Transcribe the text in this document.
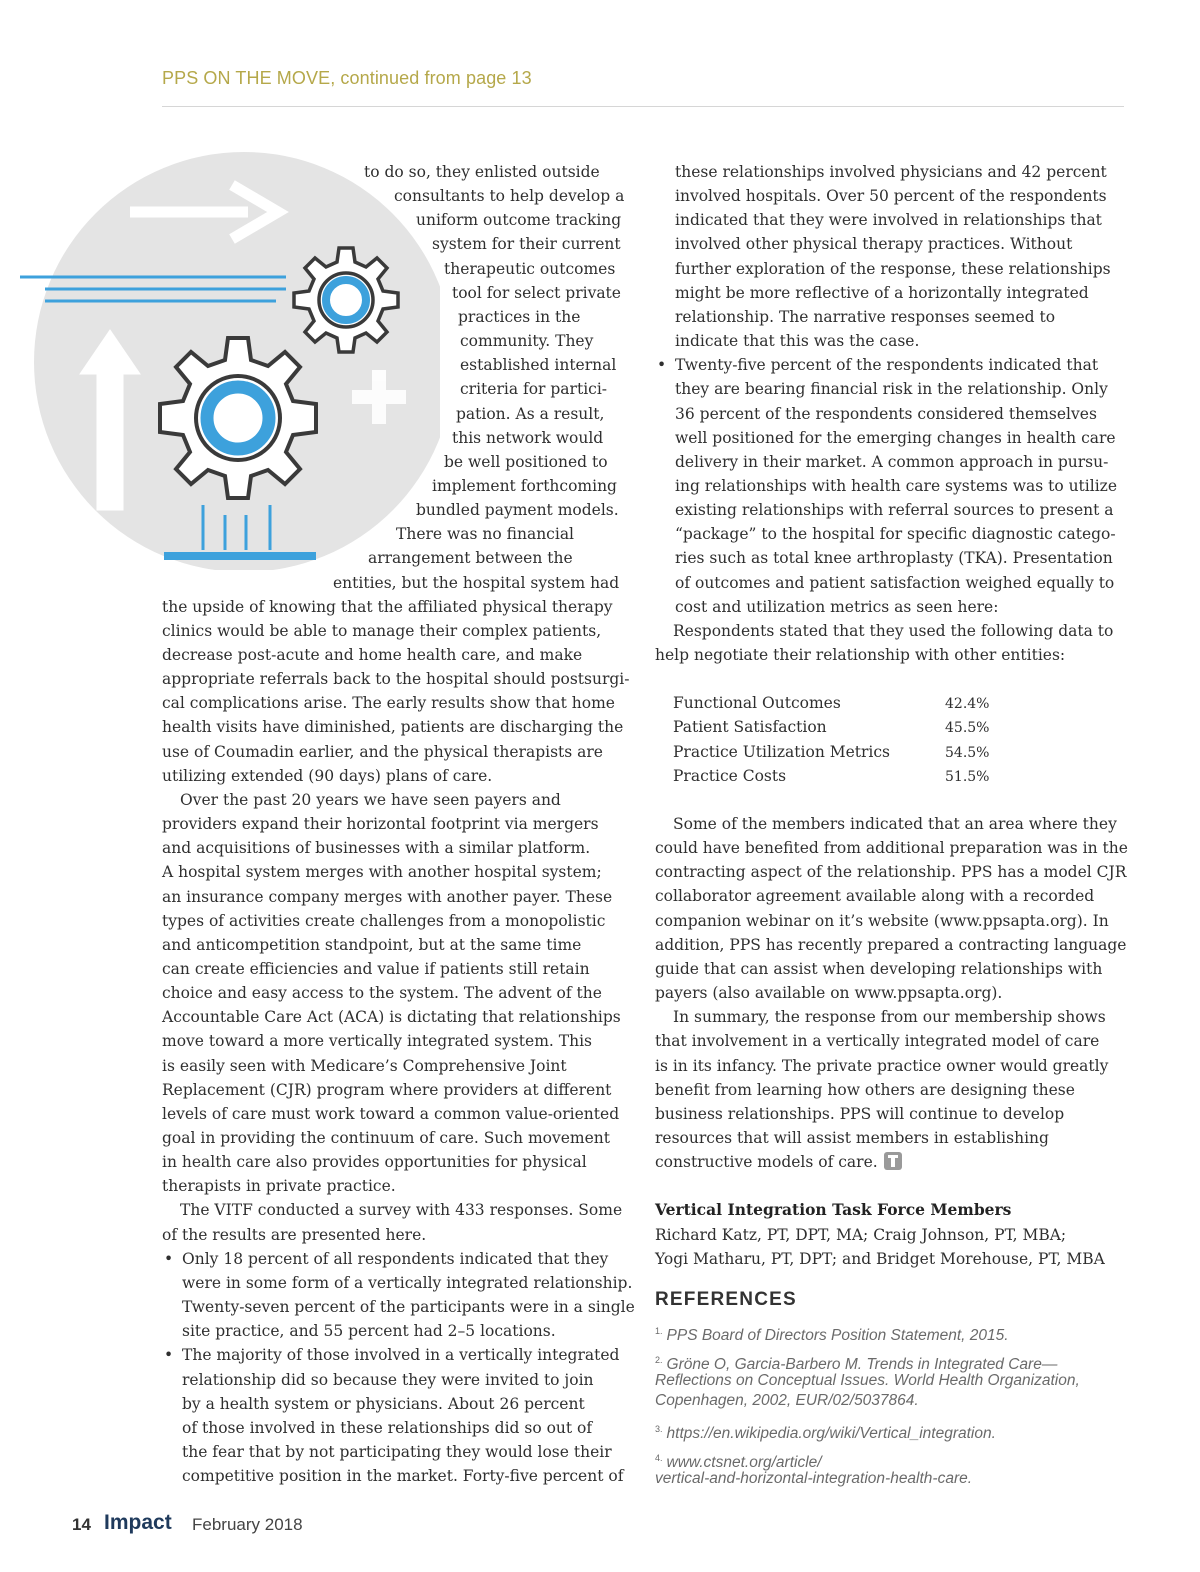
PPS ON THE MOVE, continued from page 13
to do so, they enlisted outside
consultants to help develop a
uniform outcome tracking
system for their current
therapeutic outcomes
tool for select private
practices in the
community. They
established internal
criteria for partici-
pation. As a result,
this network would
be well positioned to
implement forthcoming
bundled payment models.
There was no financial
arrangement between the
entities, but the hospital system had
the upside of knowing that the affiliated physical therapy
clinics would be able to manage their complex patients,
decrease post-acute and home health care, and make
appropriate referrals back to the hospital should postsurgi-
cal complications arise. The early results show that home
health visits have diminished, patients are discharging the
use of Coumadin earlier, and the physical therapists are
utilizing extended (90 days) plans of care.
Over the past 20 years we have seen payers and
providers expand their horizontal footprint via mergers
and acquisitions of businesses with a similar platform.
A hospital system merges with another hospital system;
an insurance company merges with another payer. These
types of activities create challenges from a monopolistic
and anticompetition standpoint, but at the same time
can create efficiencies and value if patients still retain
choice and easy access to the system. The advent of the
Accountable Care Act (ACA) is dictating that relationships
move toward a more vertically integrated system. This
is easily seen with Medicare’s Comprehensive Joint
Replacement (CJR) program where providers at different
levels of care must work toward a common value-oriented
goal in providing the continuum of care. Such movement
in health care also provides opportunities for physical
therapists in private practice.
The VITF conducted a survey with 433 responses. Some
of the results are presented here.
Only 18 percent of all respondents indicated that they
•
were in some form of a vertically integrated relationship.
Twenty-seven percent of the participants were in a single
site practice, and 55 percent had 2–5 locations.
The majority of those involved in a vertically integrated
•
relationship did so because they were invited to join
by a health system or physicians. About 26 percent
of those involved in these relationships did so out of
the fear that by not participating they would lose their
competitive position in the market. Forty-five percent of
these relationships involved physicians and 42 percent
involved hospitals. Over 50 percent of the respondents
indicated that they were involved in relationships that
involved other physical therapy practices. Without
further exploration of the response, these relationships
might be more reflective of a horizontally integrated
relationship. The narrative responses seemed to
indicate that this was the case.
Twenty-five percent of the respondents indicated that
•
they are bearing financial risk in the relationship. Only
36 percent of the respondents considered themselves
well positioned for the emerging changes in health care
delivery in their market. A common approach in pursu-
ing relationships with health care systems was to utilize
existing relationships with referral sources to present a
“package” to the hospital for specific diagnostic catego-
ries such as total knee arthroplasty (TKA). Presentation
of outcomes and patient satisfaction weighed equally to
cost and utilization metrics as seen here:
Respondents stated that they used the following data to
help negotiate their relationship with other entities:
Functional Outcomes	42.4%
Patient Satisfaction	45.5%
Practice Utilization Metrics	54.5%
Practice Costs	51.5%
Some of the members indicated that an area where they
could have benefited from additional preparation was in the
contracting aspect of the relationship. PPS has a model CJR
collaborator agreement available along with a recorded
companion webinar on it’s website (www.ppsapta.org). In
addition, PPS has recently prepared a contracting language
guide that can assist when developing relationships with
payers (also available on www.ppsapta.org).
In summary, the response from our membership shows
that involvement in a vertically integrated model of care
is in its infancy. The private practice owner would greatly
benefit from learning how others are designing these
business relationships. PPS will continue to develop
resources that will assist members in establishing
constructive models of care.
Vertical Integration Task Force Members
Richard Katz, PT, DPT, MA; Craig Johnson, PT, MBA;
Yogi Matharu, PT, DPT; and Bridget Morehouse, PT, MBA
REFERENCES
$^{1.}$ PPS Board of Directors Position Statement, 2015.
$^{2.}$ Gröne O, Garcia-Barbero M. Trends in Integrated Care—
Reflections on Conceptual Issues. World Health Organization,
Copenhagen, 2002, EUR/02/5037864.
$^{3.}$ https://en.wikipedia.org/wiki/Vertical_integration.
$^{4.}$ www.ctsnet.org/article/
vertical-and-horizontal-integration-health-care.
14 Impact February 2018
